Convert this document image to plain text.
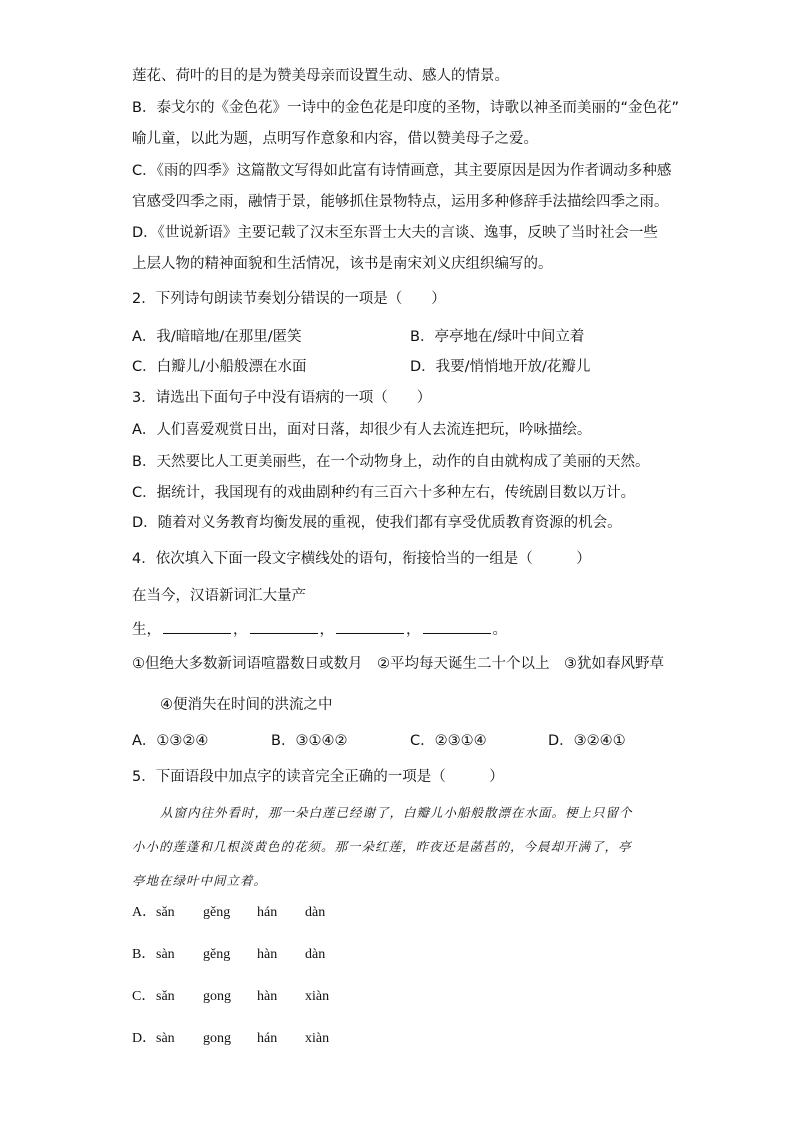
莲花、荷叶的目的是为赞美母亲而设置生动、感人的情景。
B．泰戈尔的《金色花》一诗中的金色花是印度的圣物，诗歌以神圣而美丽的“金色花”
喻儿童，以此为题，点明写作意象和内容，借以赞美母子之爱。
C．《雨的四季》这篇散文写得如此富有诗情画意，其主要原因是因为作者调动多种感
官感受四季之雨，融情于景，能够抓住景物特点，运用多种修辞手法描绘四季之雨。
D．《世说新语》主要记载了汉末至东晋士大夫的言谈、逸事，反映了当时社会一些
上层人物的精神面貌和生活情况，该书是南宋刘义庆组织编写的。
2．下列诗句朗读节奏划分错误的一项是（　　）
A．我/暗暗地/在那里/匿笑	B．亭亭地在/绿叶中间立着
C．白瓣儿/小船般漂在水面	D．我要/悄悄地开放/花瓣儿
3．请选出下面句子中没有语病的一项（　　）
A．人们喜爱观赏日出，面对日落，却很少有人去流连把玩，吟咏描绘。
B．天然要比人工更美丽些，在一个动物身上，动作的自由就构成了美丽的天然。
C．据统计，我国现有的戏曲剧种约有三百六十多种左右，传统剧目数以万计。
D．随着对义务教育均衡发展的重视，使我们都有享受优质教育资源的机会。
4．依次填入下面一段文字横线处的语句，衔接恰当的一组是（　　　）
在当今，汉语新词汇大量产
生，	，	，	，	。
①但绝大多数新词语喧嚣数日或数月　②平均每天诞生二十个以上　③犹如春风野草
④便消失在时间的洪流之中
A．①③②④	B．③①④②	C．②③①④	D．③②④①
5．下面语段中加点字的读音完全正确的一项是（　　　）
从窗内往外看时，那一朵白莲已经谢了，白瓣儿小船般散漂在水面。梗上只留个
小小的莲蓬和几根淡黄色的花须。那一朵红莲，昨夜还是菡萏的，今晨却开满了，亭
亭地在绿叶中间立着。
A． sǎn gěng hán dàn
B． sàn gěng hàn dàn
C． sǎn gong hàn xiàn
D． sàn gong hán xiàn
